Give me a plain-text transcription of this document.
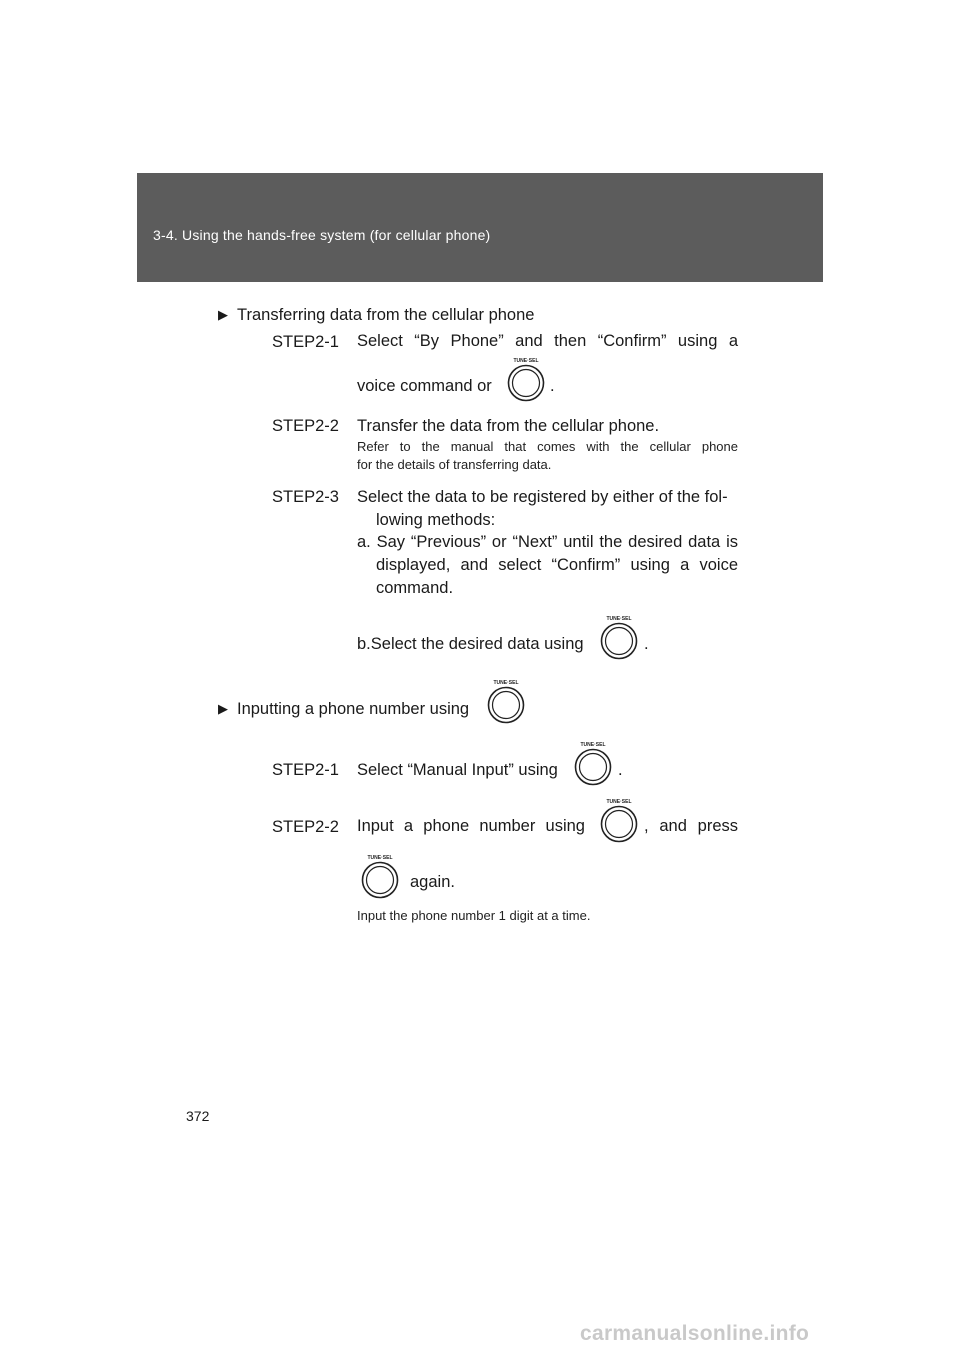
3-4. Using the hands-free system (for cellular phone)
▶ Transferring data from the cellular phone
STEP2-1 Select “By Phone” and then “Confirm” using a
voice command or
TUNE·SEL
.
STEP2-2 Transfer the data from the cellular phone.
Refer to the manual that comes with the cellular phone
for the details of transferring data.
STEP2-3 Select the data to be registered by either of the fol-
lowing methods:
a. Say “Previous” or “Next” until the desired data is
displayed, and select “Confirm” using a voice
command.
b.Select the desired data using
TUNE·SEL
.
▶ Inputting a phone number using
TUNE·SEL
STEP2-1 Select “Manual Input” using
TUNE·SEL
.
STEP2-2 Input a phone number using
TUNE·SEL
, and press
TUNE·SEL
again.
Input the phone number 1 digit at a time.
372
carmanualsonline.info
